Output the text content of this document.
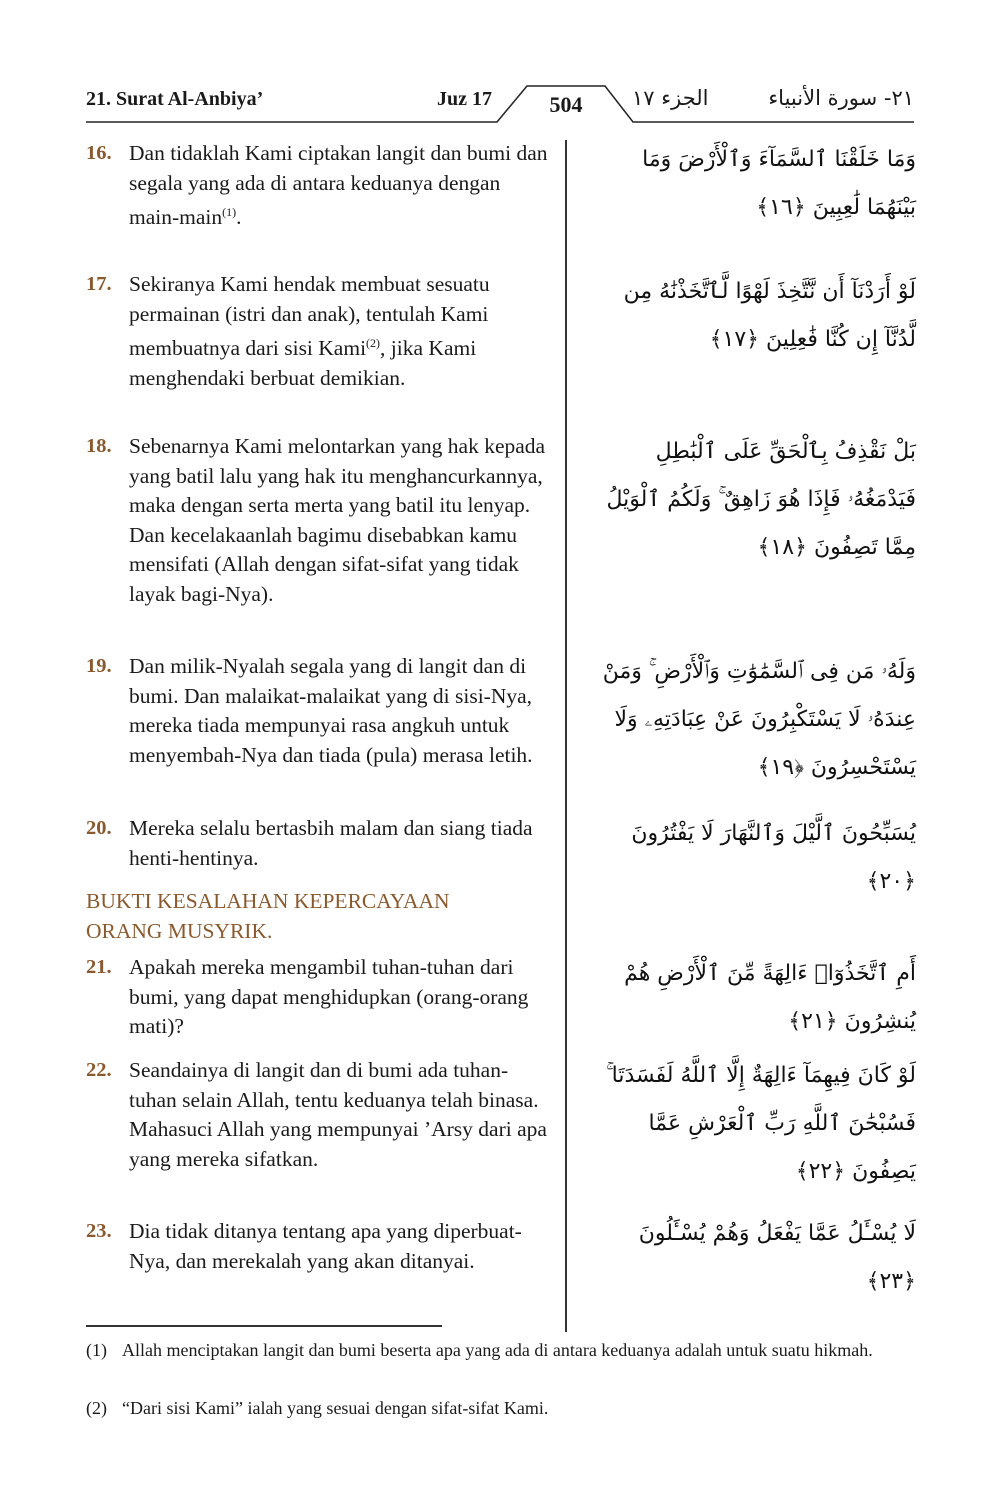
21. Surat Al-Anbiya’	Juz 17	504	الجزء ١٧	٢١- سورة الأنبياء
16. Dan tidaklah Kami ciptakan langit dan bumi dan segala yang ada di antara keduanya dengan main-main$^{(1)}$.
وَمَا خَلَقْنَا ٱلسَّمَآءَ وَٱلْأَرْضَ وَمَا بَيْنَهُمَا لَٰعِبِينَ ﴿١٦﴾
17. Sekiranya Kami hendak membuat sesuatu permainan (istri dan anak), tentulah Kami membuatnya dari sisi Kami$^{(2)}$, jika Kami menghendaki berbuat demikian.
لَوْ أَرَدْنَآ أَن نَّتَّخِذَ لَهْوًا لَّٱتَّخَذْنَٰهُ مِن لَّدُنَّآ إِن كُنَّا فَٰعِلِينَ ﴿١٧﴾
18. Sebenarnya Kami melontarkan yang hak kepada yang batil lalu yang hak itu menghancurkannya, maka dengan serta merta yang batil itu lenyap. Dan kecelakaanlah bagimu disebabkan kamu mensifati (Allah dengan sifat-sifat yang tidak layak bagi-Nya).
بَلْ نَقْذِفُ بِٱلْحَقِّ عَلَى ٱلْبَٰطِلِ فَيَدْمَغُهُۥ فَإِذَا هُوَ زَاهِقٌ ۚ وَلَكُمُ ٱلْوَيْلُ مِمَّا تَصِفُونَ ﴿١٨﴾
19. Dan milik-Nyalah segala yang di langit dan di bumi. Dan malaikat-malaikat yang di sisi-Nya, mereka tiada mempunyai rasa angkuh untuk menyembah-Nya dan tiada (pula) merasa letih.
وَلَهُۥ مَن فِى ٱلسَّمَٰوَٰتِ وَٱلْأَرْضِ ۚ وَمَنْ عِندَهُۥ لَا يَسْتَكْبِرُونَ عَنْ عِبَادَتِهِۦ وَلَا يَسْتَحْسِرُونَ ﴿١٩﴾
20. Mereka selalu bertasbih malam dan siang tiada henti-hentinya.
يُسَبِّحُونَ ٱلَّيْلَ وَٱلنَّهَارَ لَا يَفْتُرُونَ ﴿٢٠﴾
BUKTI KESALAHAN KEPERCAYAAN ORANG MUSYRIK.
21. Apakah mereka mengambil tuhan-tuhan dari bumi, yang dapat menghidupkan (orang-orang mati)?
أَمِ ٱتَّخَذُوٓا۟ ءَالِهَةً مِّنَ ٱلْأَرْضِ هُمْ يُنشِرُونَ ﴿٢١﴾
22. Seandainya di langit dan di bumi ada tuhan-tuhan selain Allah, tentu keduanya telah binasa. Mahasuci Allah yang mempunyai ’Arsy dari apa yang mereka sifatkan.
لَوْ كَانَ فِيهِمَآ ءَالِهَةٌ إِلَّا ٱللَّهُ لَفَسَدَتَا ۚ فَسُبْحَٰنَ ٱللَّهِ رَبِّ ٱلْعَرْشِ عَمَّا يَصِفُونَ ﴿٢٢﴾
23. Dia tidak ditanya tentang apa yang diperbuat-Nya, dan merekalah yang akan ditanyai.
لَا يُسْـَٔلُ عَمَّا يَفْعَلُ وَهُمْ يُسْـَٔلُونَ ﴿٢٣﴾
(1) Allah menciptakan langit dan bumi beserta apa yang ada di antara keduanya adalah untuk suatu hikmah.
(2) “Dari sisi Kami” ialah yang sesuai dengan sifat-sifat Kami.
